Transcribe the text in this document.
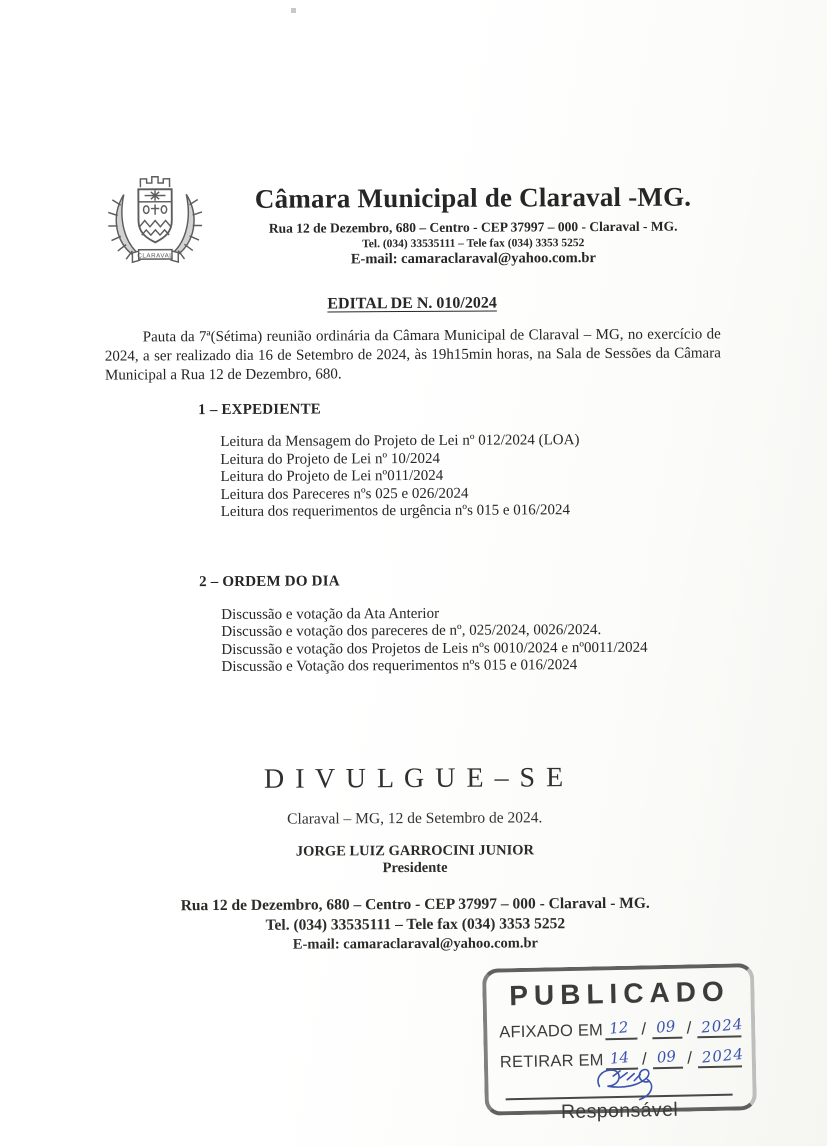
CLARAVAL
Câmara Municipal de Claraval -MG.
Rua 12 de Dezembro, 680 – Centro - CEP 37997 – 000 - Claraval - MG.
Tel. (034) 33535111 – Tele fax (034) 3353 5252
E-mail: camaraclaraval@yahoo.com.br
EDITAL DE N. 010/2024
Pauta da 7ª(Sétima) reunião ordinária da Câmara Municipal de Claraval – MG, no exercício de 2024, a ser realizado dia 16 de Setembro de 2024, às 19h15min horas, na Sala de Sessões da Câmara Municipal a Rua 12 de Dezembro, 680.
1 – EXPEDIENTE
Leitura da Mensagem do Projeto de Lei nº 012/2024 (LOA)
Leitura do Projeto de Lei nº 10/2024
Leitura do Projeto de Lei nº011/2024
Leitura dos Pareceres nºs 025 e 026/2024
Leitura dos requerimentos de urgência nºs 015 e 016/2024
2 – ORDEM DO DIA
Discussão e votação da Ata Anterior
Discussão e votação dos pareceres de nº, 025/2024, 0026/2024.
Discussão e votação dos Projetos de Leis nºs 0010/2024 e nº0011/2024
Discussão e Votação dos requerimentos nºs 015 e 016/2024
D I V U L G U E – S E
Claraval – MG, 12 de Setembro de 2024.
JORGE LUIZ GARROCINI JUNIOR
Presidente
Rua 12 de Dezembro, 680 – Centro - CEP 37997 – 000 - Claraval - MG.
Tel. (034) 33535111 – Tele fax (034) 3353 5252
E-mail: camaraclaraval@yahoo.com.br
PUBLICADO
AFIXADO EM 12 / 09 / 2024
RETIRAR EM 14 / 09 / 2024
Responsável
